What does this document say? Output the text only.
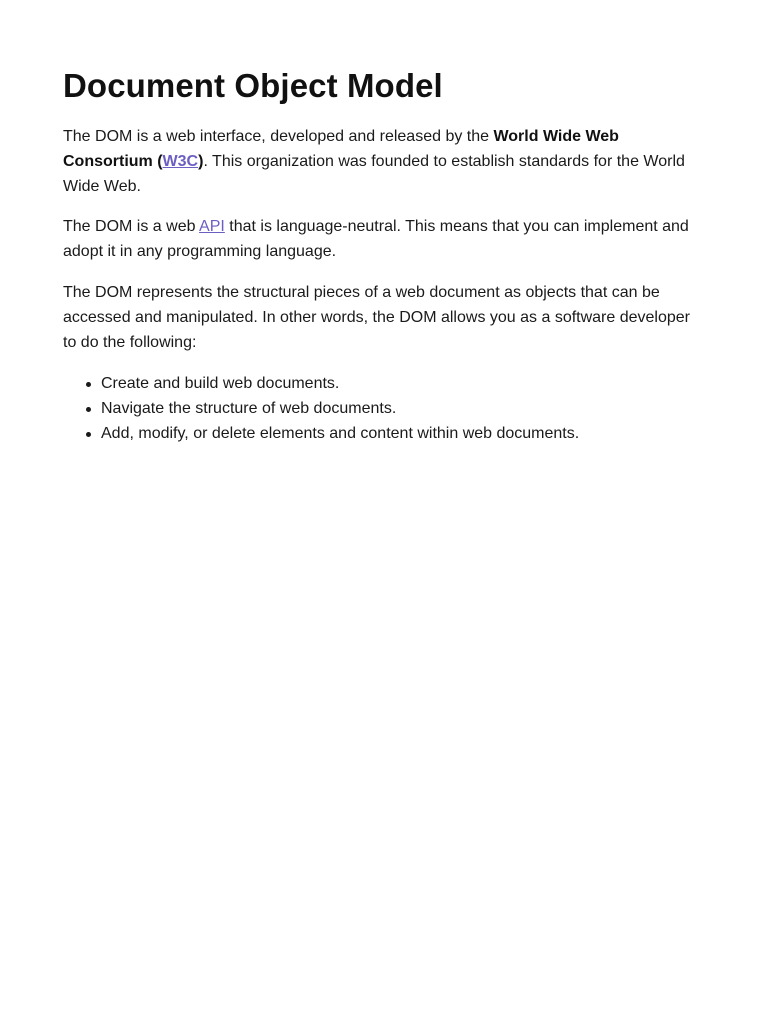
Document Object Model

The DOM is a web interface, developed and released by the World Wide Web Consortium (W3C). This organization was founded to establish standards for the World Wide Web.

The DOM is a web API that is language-neutral. This means that you can implement and adopt it in any programming language.

The DOM represents the structural pieces of a web document as objects that can be accessed and manipulated. In other words, the DOM allows you as a software developer to do the following:

Create and build web documents.
Navigate the structure of web documents.
Add, modify, or delete elements and content within web documents.
